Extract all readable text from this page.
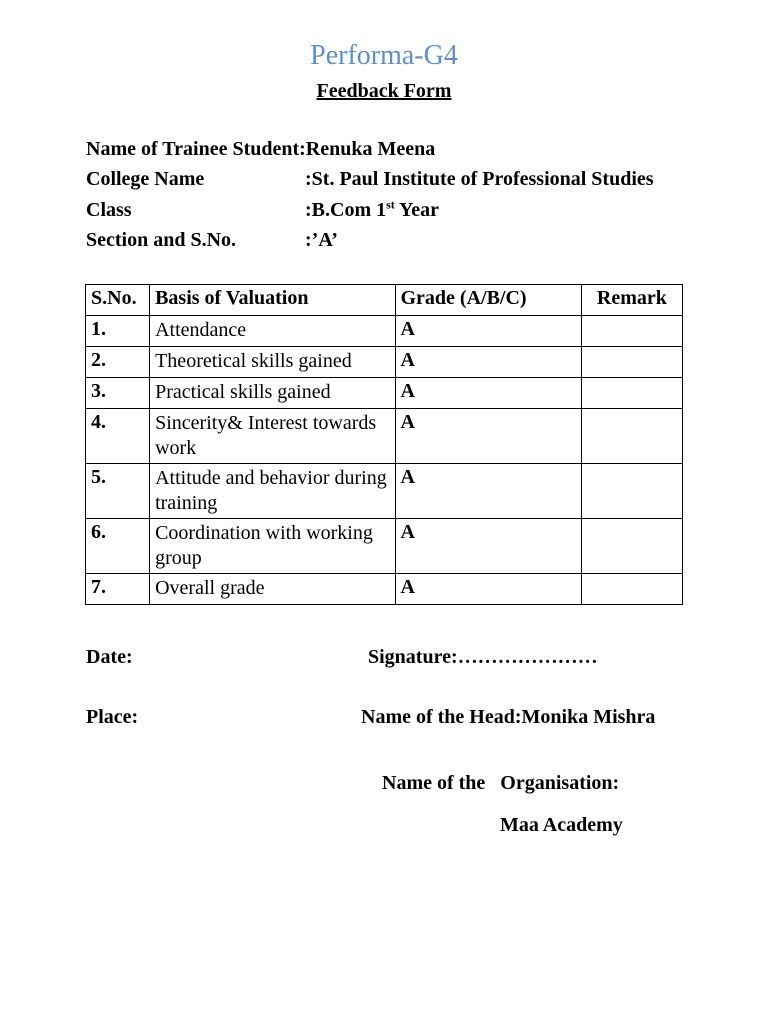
Performa-G4
Feedback Form
Name of Trainee Student:Renuka Meena
College Name	:St. Paul Institute of Professional Studies
Class	:B.Com 1st Year
Section and S.No.	:’A’
S.No.	Basis of Valuation	Grade (A/B/C)	Remark
1.	Attendance	A	
2.	Theoretical skills gained	A	
3.	Practical skills gained	A	
4.	Sincerity& Interest towards work	A	
5.	Attitude and behavior during training	A	
6.	Coordination with working group	A	
7.	Overall grade	A	
Date:	Signature:…………………
Place:	Name of the Head:Monika Mishra
Name of the   Organisation:
Maa Academy
